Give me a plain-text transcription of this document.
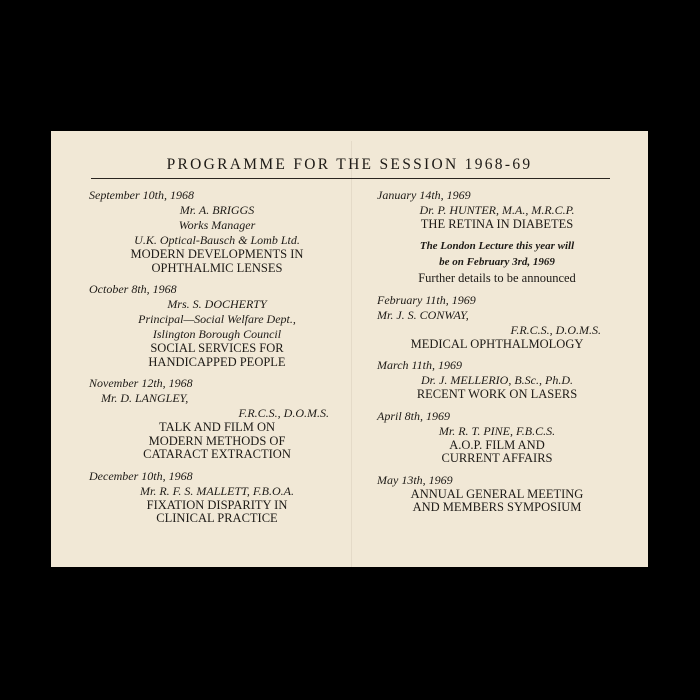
PROGRAMME FOR THE SESSION 1968-69
September 10th, 1968
Mr. A. BRIGGS
Works Manager
U.K. Optical-Bausch & Lomb Ltd.
MODERN DEVELOPMENTS IN
OPHTHALMIC LENSES
October 8th, 1968
Mrs. S. DOCHERTY
Principal—Social Welfare Dept.,
Islington Borough Council
SOCIAL SERVICES FOR
HANDICAPPED PEOPLE
November 12th, 1968
Mr. D. LANGLEY,
F.R.C.S., D.O.M.S.
TALK AND FILM ON
MODERN METHODS OF
CATARACT EXTRACTION
December 10th, 1968
Mr. R. F. S. MALLETT, F.B.O.A.
FIXATION DISPARITY IN
CLINICAL PRACTICE
January 14th, 1969
Dr. P. HUNTER, M.A., M.R.C.P.
THE RETINA IN DIABETES
The London Lecture this year will
be on February 3rd, 1969
Further details to be announced
February 11th, 1969
Mr. J. S. CONWAY,
F.R.C.S., D.O.M.S.
MEDICAL OPHTHALMOLOGY
March 11th, 1969
Dr. J. MELLERIO, B.Sc., Ph.D.
RECENT WORK ON LASERS
April 8th, 1969
Mr. R. T. PINE, F.B.C.S.
A.O.P. FILM AND
CURRENT AFFAIRS
May 13th, 1969
ANNUAL GENERAL MEETING
AND MEMBERS SYMPOSIUM
